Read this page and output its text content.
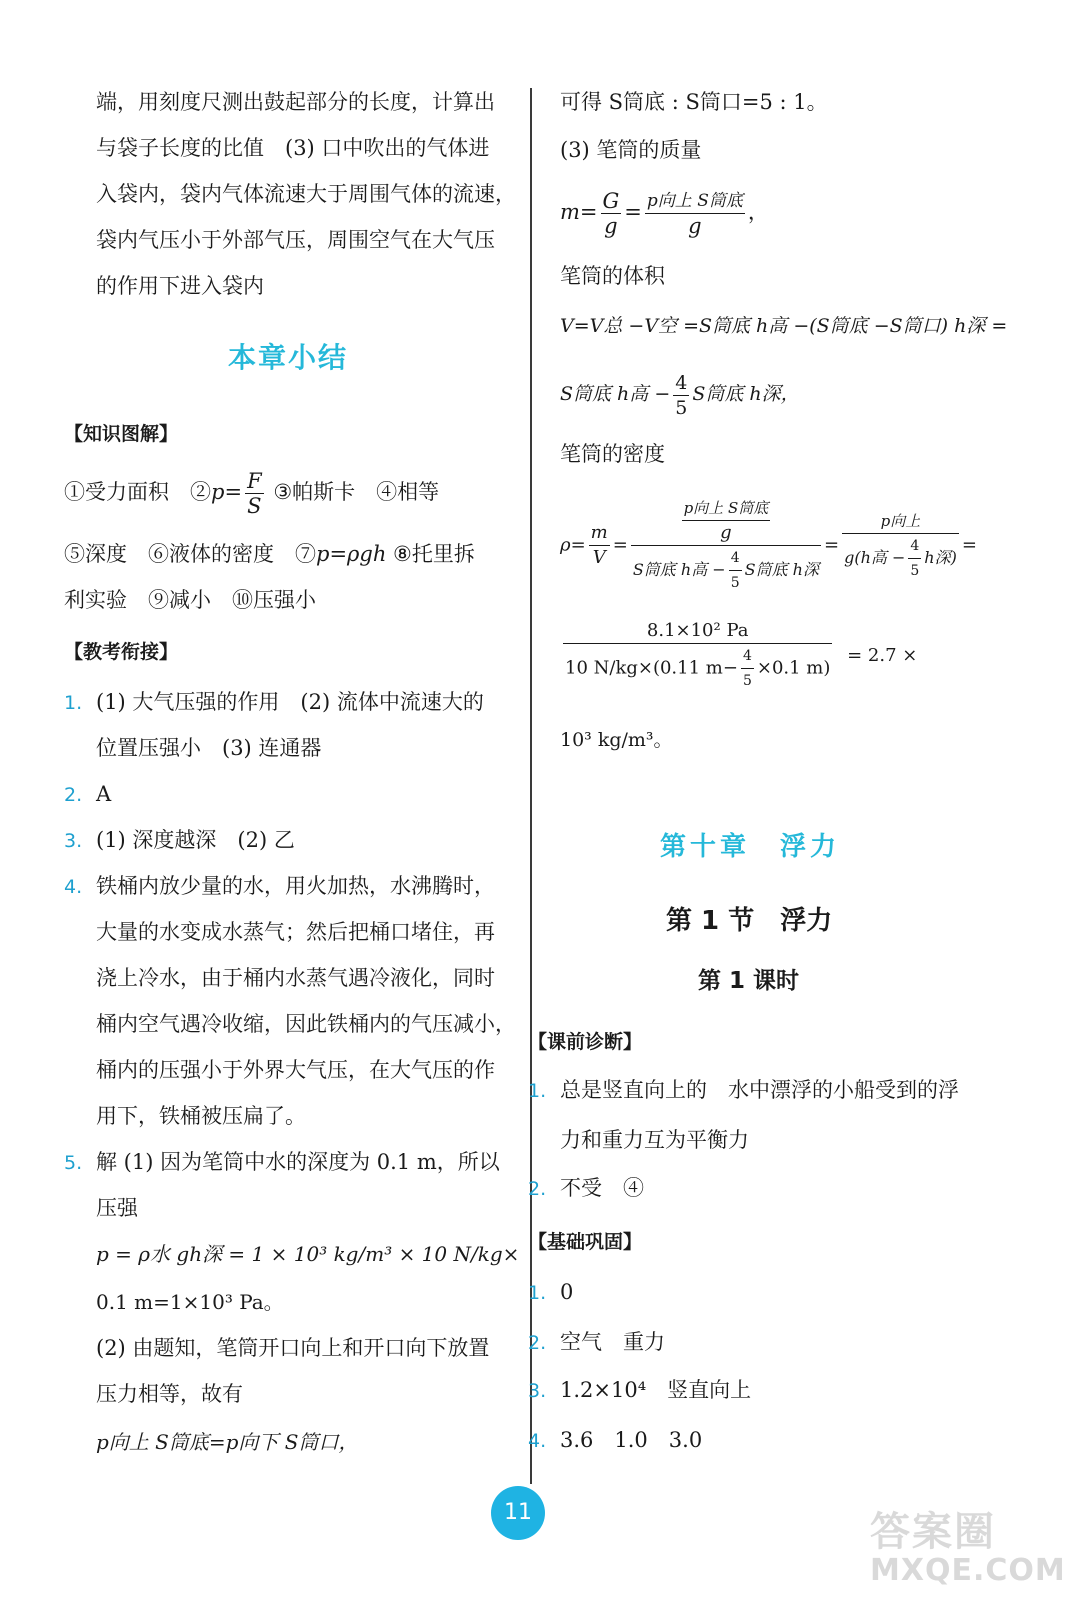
端，用刻度尺测出鼓起部分的长度，计算出
与袋子长度的比值　(3) 口中吹出的气体进
入袋内，袋内气体流速大于周围气体的流速，
袋内气压小于外部气压，周围空气在大气压
的作用下进入袋内
本章小结
【知识图解】
①受力面积　②p= $\frac{F}{S}$ ③帕斯卡　④相等
⑤深度　⑥液体的密度　⑦p=ρgh ⑧托里拆
利实验　⑨减小　⑩压强小
【教考衔接】
1. (1) 大气压强的作用　(2) 流体中流速大的
位置压强小　(3) 连通器
2. A
3. (1) 深度越深　(2) 乙
4. 铁桶内放少量的水，用火加热，水沸腾时，
大量的水变成水蒸气；然后把桶口堵住，再
浇上冷水，由于桶内水蒸气遇冷液化，同时
桶内空气遇冷收缩，因此铁桶内的气压减小，
桶内的压强小于外界大气压，在大气压的作
用下，铁桶被压扁了。
5. 解 (1) 因为笔筒中水的深度为 0.1 m，所以
压强
p = ρ水 gh深 = 1 × 10³ kg/m³ × 10 N/kg×
0.1 m=1×10³ Pa。
(2) 由题知，笔筒开口向上和开口向下放置
压力相等，故有
p向上 S筒底=p向下 S筒口，
可得 S筒底 : S筒口=5 : 1。
(3) 笔筒的质量
$m= \frac{G}{g} = \frac{\text{p向上 S筒底}}{g}$ ，
笔筒的体积
V=V总 −V空 =S筒底 h高 −(S筒底 −S筒口) h深 =
S筒底 h高 − $\frac{4}{5}$ S筒底 h深，
笔筒的密度
$\rho= \frac{m}{V} = \frac{\frac{\text{p向上 S筒底}}{g}}{S筒底 h高 - \frac{4}{5} S筒底 h深} = \frac{\text{p向上}}{g(h高 - \frac{4}{5} h深)}$ =
$\frac{\text{8.1×10² Pa}}{10 N/kg\times(0.11 m- \frac{4}{5} \times 0.1 m)} = 2.7$ ×
10³ kg/m³。
第十章　浮力
第 1 节　浮力
第 1 课时
【课前诊断】
1. 总是竖直向上的　水中漂浮的小船受到的浮
力和重力互为平衡力
2. 不受　④
【基础巩固】
1. 0
2. 空气　重力
3. 1.2×10⁴　竖直向上
4. 3.6　1.0　3.0
11	答案圈
MXQE.COM
